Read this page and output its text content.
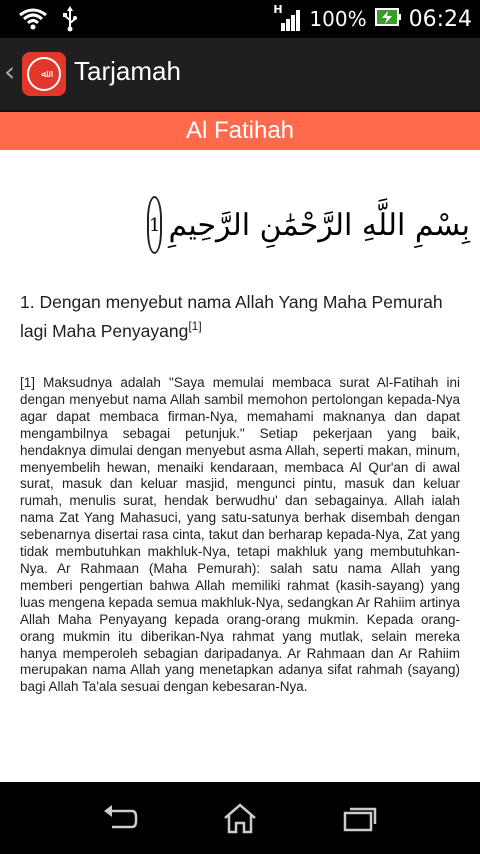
H 100% 06:24
‹	ﷲ	Tarjamah
Al Fatihah
1 بِسْمِ اللَّهِ الرَّحْمَٰنِ الرَّحِيمِ
1. Dengan menyebut nama Allah Yang Maha Pemurah lagi Maha Penyayang[1]
[1] Maksudnya adalah "Saya memulai membaca surat Al-Fatihah ini dengan menyebut nama Allah sambil memohon pertolongan kepada-Nya agar dapat membaca firman-Nya, memahami maknanya dan dapat mengambilnya sebagai petunjuk." Setiap pekerjaan yang baik, hendaknya dimulai dengan menyebut asma Allah, seperti makan, minum, menyembelih hewan, menaiki kendaraan, membaca Al Qur'an di awal surat, masuk dan keluar masjid, mengunci pintu, masuk dan keluar rumah, menulis surat, hendak berwudhu' dan sebagainya. Allah ialah nama Zat Yang Mahasuci, yang satu-satunya berhak disembah dengan sebenarnya disertai rasa cinta, takut dan berharap kepada-Nya, Zat yang tidak membutuhkan makhluk-Nya, tetapi makhluk yang membutuhkan-Nya. Ar Rahmaan (Maha Pemurah): salah satu nama Allah yang memberi pengertian bahwa Allah memiliki rahmat (kasih-sayang) yang luas mengena kepada semua makhluk-Nya, sedangkan Ar Rahiim artinya Allah Maha Penyayang kepada orang-orang mukmin. Kepada orang-orang mukmin itu diberikan-Nya rahmat yang mutlak, selain mereka hanya memperoleh sebagian daripadanya. Ar Rahmaan dan Ar Rahiim merupakan nama Allah yang menetapkan adanya sifat rahmah (sayang) bagi Allah Ta'ala sesuai dengan kebesaran-Nya.
